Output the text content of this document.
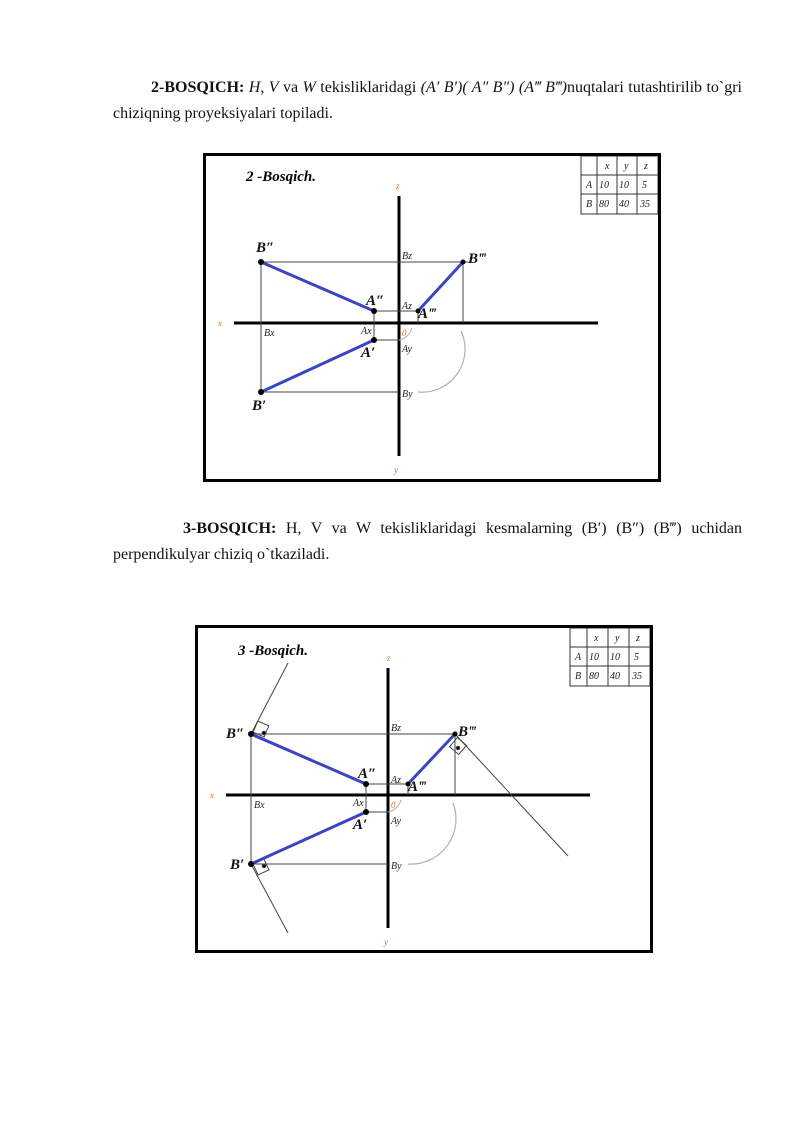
2-BOSQICH: H, V va W tekisliklaridagi (A′ B′)( A″ B″) (A‴ B‴)nuqtalari tutashtirilib to`gri chiziqning proyeksiyalari topiladi.
2 -Bosqich.
x y z
A 10 10 5
B 80 40 35
x
z
y
B″
B‴
A″
A‴
A′
B′
Bz
Bx	Ax
Az
Ay
By
0
3-BOSQICH: H, V va W tekisliklaridagi kesmalarning (B′) (B″) (B‴) uchidan perpendikulyar chiziq o`tkaziladi.
3 -Bosqich.
x y z
A 10 10 5
B 80 40 35
x
z
y
B″	B‴
A″
A‴
A′
B′
Bz
Bx	Ax
Az
Ay
By
0
